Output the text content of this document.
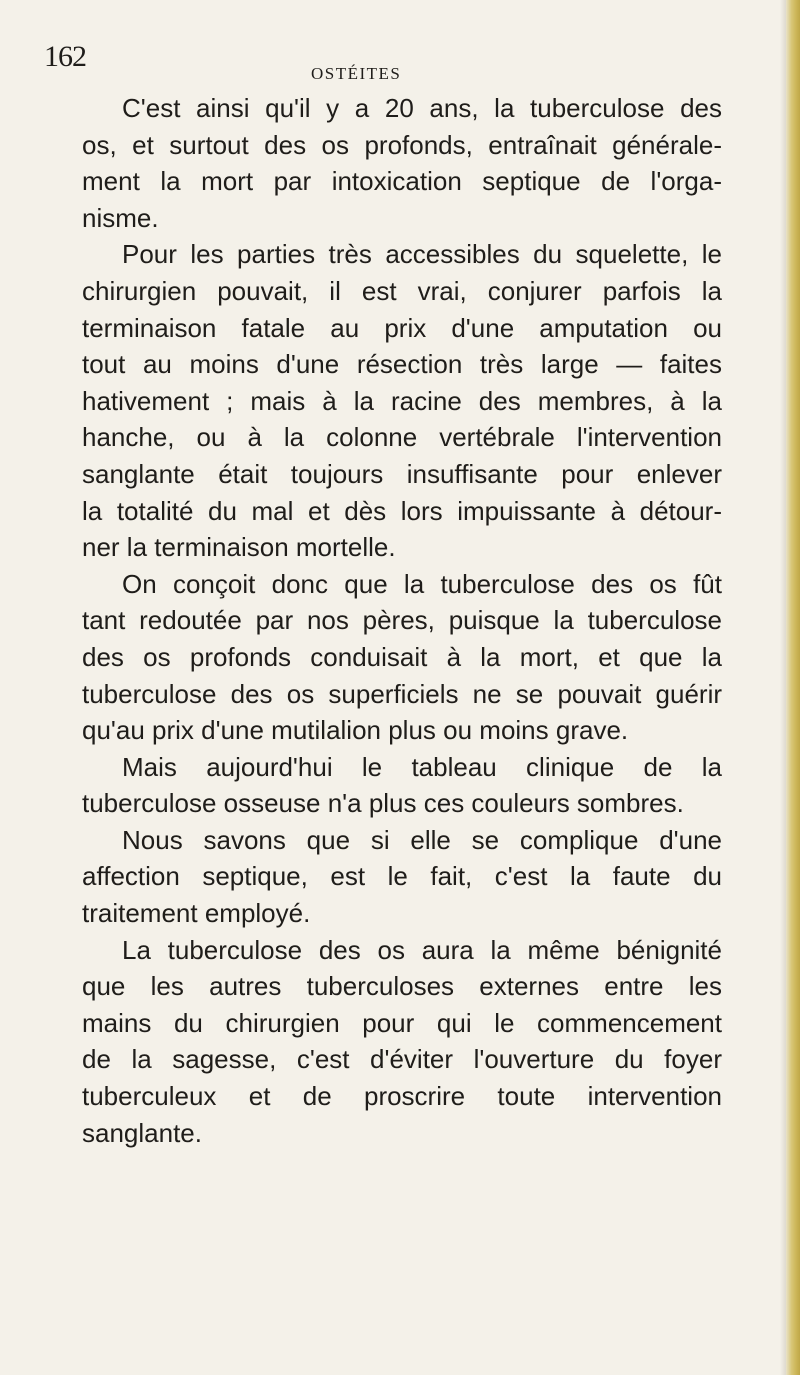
162
OSTÉITES
C'est ainsi qu'il y a 20 ans, la tuberculose des
os, et surtout des os profonds, entraînait générale-
ment la mort par intoxication septique de l'orga-
nisme.
Pour les parties très accessibles du squelette, le
chirurgien pouvait, il est vrai, conjurer parfois la
terminaison fatale au prix d'une amputation ou
tout au moins d'une résection très large — faites
hativement ; mais à la racine des membres, à la
hanche, ou à la colonne vertébrale l'intervention
sanglante était toujours insuffisante pour enlever
la totalité du mal et dès lors impuissante à détour-
ner la terminaison mortelle.
On conçoit donc que la tuberculose des os fût
tant redoutée par nos pères, puisque la tuberculose
des os profonds conduisait à la mort, et que la
tuberculose des os superficiels ne se pouvait guérir
qu'au prix d'une mutilalion plus ou moins grave.
Mais aujourd'hui le tableau clinique de la
tuberculose osseuse n'a plus ces couleurs sombres.
Nous savons que si elle se complique d'une
affection septique, est le fait, c'est la faute du
traitement employé.
La tuberculose des os aura la même bénignité
que les autres tuberculoses externes entre les
mains du chirurgien pour qui le commencement
de la sagesse, c'est d'éviter l'ouverture du foyer
tuberculeux et de proscrire toute intervention
sanglante.
